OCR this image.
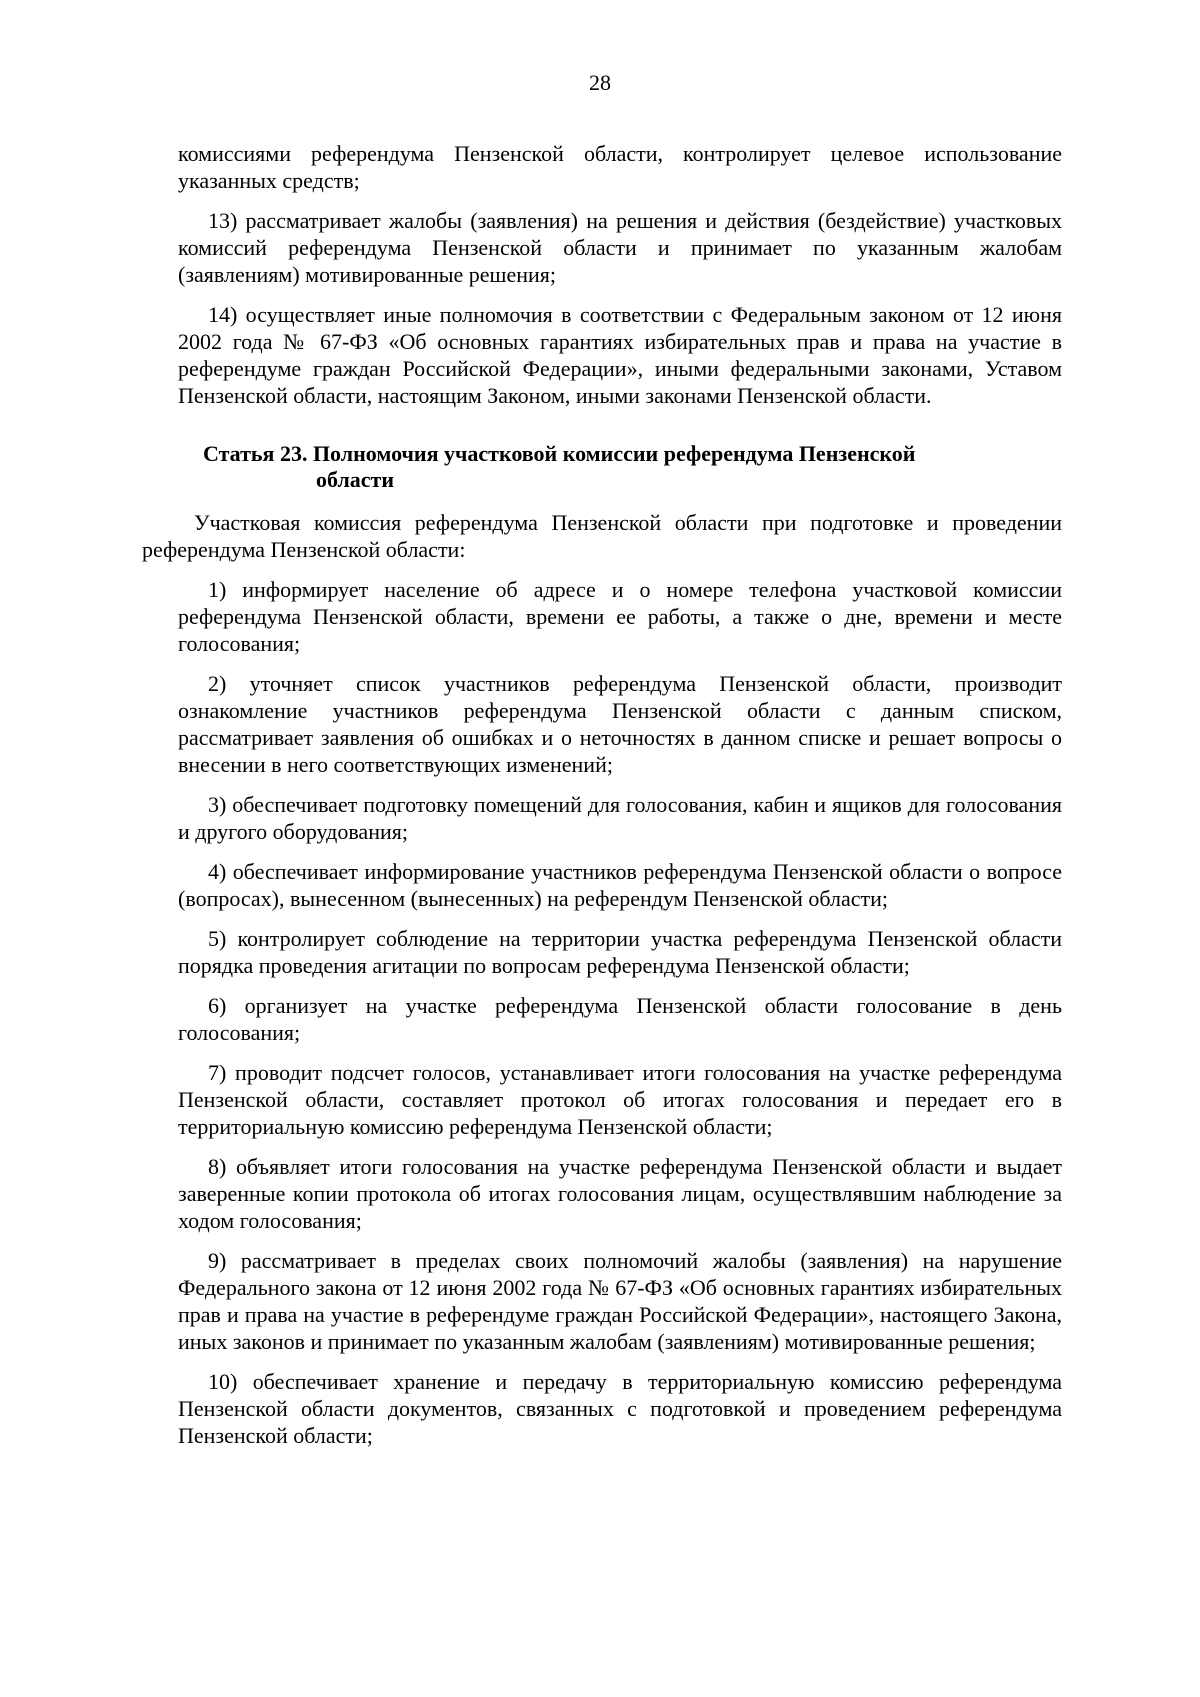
28

комиссиями референдума Пензенской области, контролирует целевое использование указанных средств;

13) рассматривает жалобы (заявления) на решения и действия (бездействие) участковых комиссий референдума Пензенской области и принимает по указанным жалобам (заявлениям) мотивированные решения;

14) осуществляет иные полномочия в соответствии с Федеральным законом от 12 июня 2002 года № 67-ФЗ «Об основных гарантиях избирательных прав и права на участие в референдуме граждан Российской Федерации», иными федеральными законами, Уставом Пензенской области, настоящим Законом, иными законами Пензенской области.

Статья 23. Полномочия участковой комиссии референдума Пензенской
области

Участковая комиссия референдума Пензенской области при подготовке и проведении референдума Пензенской области:

1) информирует население об адресе и о номере телефона участковой комиссии референдума Пензенской области, времени ее работы, а также о дне, времени и месте голосования;

2) уточняет список участников референдума Пензенской области, производит ознакомление участников референдума Пензенской области с данным списком, рассматривает заявления об ошибках и о неточностях в данном списке и решает вопросы о внесении в него соответствующих изменений;

3) обеспечивает подготовку помещений для голосования, кабин и ящиков для голосования и другого оборудования;

4) обеспечивает информирование участников референдума Пензенской области о вопросе (вопросах), вынесенном (вынесенных) на референдум Пензенской области;

5) контролирует соблюдение на территории участка референдума Пензенской области порядка проведения агитации по вопросам референдума Пензенской области;

6) организует на участке референдума Пензенской области голосование в день голосования;

7) проводит подсчет голосов, устанавливает итоги голосования на участке референдума Пензенской области, составляет протокол об итогах голосования и передает его в территориальную комиссию референдума Пензенской области;

8) объявляет итоги голосования на участке референдума Пензенской области и выдает заверенные копии протокола об итогах голосования лицам, осуществлявшим наблюдение за ходом голосования;

9) рассматривает в пределах своих полномочий жалобы (заявления) на нарушение Федерального закона от 12 июня 2002 года № 67-ФЗ «Об основных гарантиях избирательных прав и права на участие в референдуме граждан Российской Федерации», настоящего Закона, иных законов и принимает по указанным жалобам (заявлениям) мотивированные решения;

10) обеспечивает хранение и передачу в территориальную комиссию референдума Пензенской области документов, связанных с подготовкой и проведением референдума Пензенской области;
